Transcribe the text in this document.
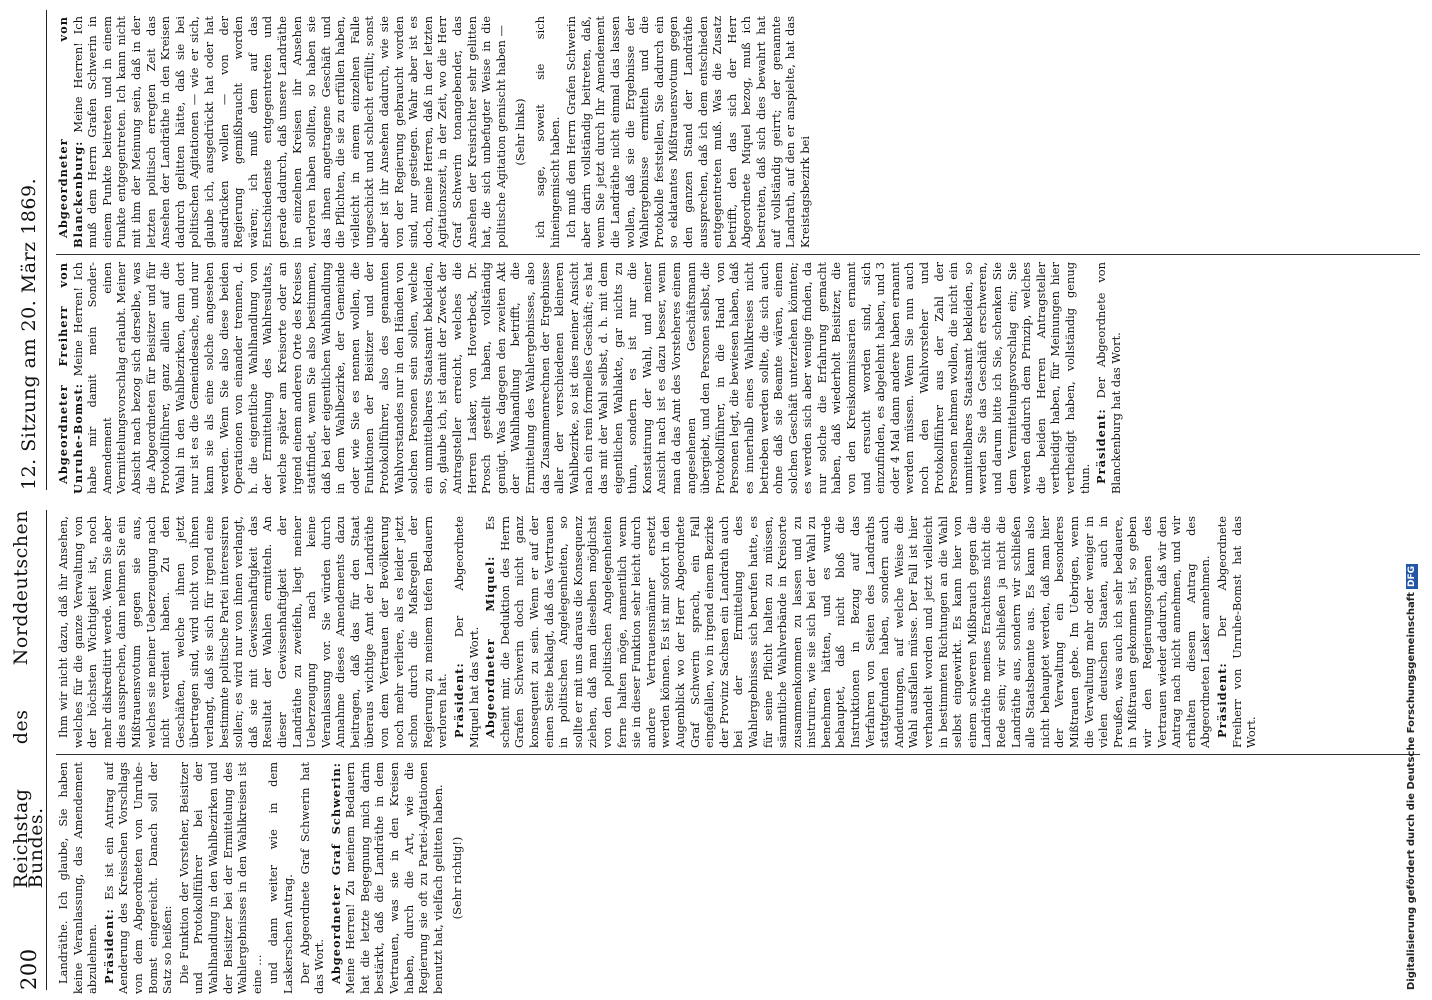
200
Reichstag des Norddeutschen Bundes. Landräthe. Ich glaube, Sie haben keine Veranlassung, das Amendement abzulehnen. Präsident: Es ist ein Antrag auf Aenderung des Kreisschen Vorschlags von dem Abgeordneten von Unruhe-Bomst eingereicht. Danach soll der Satz so heißen: Die Funktion der Vorsteher, Beisitzer und Protokollführer bei der Wahlhandlung in den Wahlbezirken und der Beisitzer bei der Ermittelung des Wahlergebnisses in den Wahlkreisen ist eine … und dann weiter wie in dem Laskerschen Antrag. Der Abgeordnete Graf Schwerin hat das Wort. Abgeordneter Graf Schwerin: Meine Herren! Zu meinem Bedauern hat die letzte Begegnung mich darin bestärkt, daß die Landräthe in dem Vertrauen, was sie in den Kreisen haben, durch die Art, wie die Regierung sie oft zu Partei-Agitationen benutzt hat, vielfach gelitten haben. (Sehr richtig!)

Ihm wir nicht dazu, daß ihr Ansehen, welches für die ganze Verwaltung von der höchsten Wichtigkeit ist, noch mehr diskreditirt werde. Wenn Sie aber dies aussprechen, dann nehmen Sie ein Mißtrauensvotum gegen sie aus, welches sie meiner Ueberzeugung nach nicht verdient haben. Zu den Geschäften, welche ihnen jetzt übertragen sind, wird nicht von ihnen verlangt, daß sie sich für irgend eine bestimmte politische Partei interessiren sollen; es wird nur von ihnen verlangt, daß sie mit Gewissenhaftigkeit das Resultat der Wahlen ermitteln. An dieser Gewissenhaftigkeit der Landräthe zu zweifeln, liegt meiner Ueberzeugung nach keine Veranlassung vor. Sie würden durch Annahme dieses Amendements dazu beitragen, daß das für den Staat überaus wichtige Amt der Landräthe von dem Vertrauen der Bevölkerung noch mehr verliere, als es leider jetzt schon durch die Maßregeln der Regierung zu meinem tiefen Bedauern verloren hat. Präsident: Der Abgeordnete Miquel hat das Wort. Abgeordneter Miquel: Es scheint mir, die Deduktion des Herrn Grafen Schwerin doch nicht ganz konsequent zu sein. Wenn er auf der einen Seite beklagt, daß das Vertrauen in politischen Angelegenheiten, so sollte er mit uns daraus die Konsequenz ziehen, daß man dieselben möglichst von den politischen Angelegenheiten ferne halten möge, namentlich wenn sie in dieser Funktion sehr leicht durch andere Vertrauensmänner ersetzt werden können. Es ist mir sofort in den Augenblick wo der Herr Abgeordnete Graf Schwerin sprach, ein Fall eingefallen, wo in irgend einem Bezirke der Provinz Sachsen ein Landrath auch bei der Ermittelung des Wahlergebnisses sich berufen hatte, es für seine Pflicht halten zu müssen, sämmtliche Wahlverbände in Kreisorte zusammenkommen zu lassen und zu instruiren, wie sie sich bei der Wahl zu benehmen hätten, und es wurde behauptet, daß nicht bloß die Instruktionen in Bezug auf das Verfahren von Seiten des Landraths stattgefunden haben, sondern auch Andeutungen, auf welche Weise die Wahl ausfallen müsse. Der Fall ist hier verhandelt worden und jetzt vielleicht in bestimmten Richtungen an die Wahl selbst eingewirkt. Es kann hier von einem schweren Mißbrauch gegen die Landräthe meines Erachtens nicht die Rede sein; wir schließen ja nicht die Landräthe aus, sondern wir schließen alle Staatsbeamte aus. Es kann also nicht behauptet werden, daß man hier der Verwaltung ein besonderes Mißtrauen gebe. Im Uebrigen, wenn die Verwaltung mehr oder weniger in vielen deutschen Staaten, auch in Preußen, was auch ich sehr bedauere, in Mißtrauen gekommen ist, so geben wir den Regierungsorganen des Vertrauen wieder dadurch, daß wir den Antrag nach nicht annehmen, und wir erhalten diesem Antrag des Abgeordneten Lasker annehmen. Präsident: Der Abgeordnete Freiherr von Unruhe-Bomst hat das Wort.

12. Sitzung am 20. März 1869. Abgeordneter Freiherr von Unruhe-Bomst: Meine Herren! Ich habe mir damit mein Sonder-Amendement einen Vermittelungsvorschlag erlaubt. Meiner Absicht nach bezog sich derselbe, was die Abgeordneten für Beisitzer und für Protokollführer, ganz allein auf die Wahl in den Wahlbezirken, denn dort nur ist es die Gemeindesache, und nur kann sie als eine solche angesehen werden. Wenn Sie also diese beiden Operationen von einander trennen, d. h. die eigentliche Wahlhandlung von der Ermittelung des Wahlresultats, welche später am Kreisorte oder an irgend einem anderen Orte des Kreises stattfindet, wenn Sie also bestimmen, daß bei der eigentlichen Wahlhandlung in dem Wahlbezirke, der Gemeinde oder wie Sie es nennen wollen, die Funktionen der Beisitzer und der Protokollführer, also des genannten Wahlvorstandes nur in den Händen von solchen Personen sein sollen, welche ein unmittelbares Staatsamt bekleiden, so, glaube ich, ist damit der Zweck der Antragsteller erreicht, welches die Herren Lasker, von Hoverbeck, Dr. Prosch gestellt haben, vollständig genügt. Was dagegen den zweiten Akt der Wahlhandlung betrifft, die Ermittelung des Wahlergebnisses, also das Zusammenrechnen der Ergebnisse aller der verschiedenen kleineren Wahlbezirke, so ist dies meiner Ansicht nach ein rein formelles Geschäft; es hat das mit der Wahl selbst, d. h. mit dem eigentlichen Wahlakte, gar nichts zu thun, sondern es ist nur die Konstatirung der Wahl, und meiner Ansicht nach ist es dazu besser, wenn man da das Amt des Vorsteheres einem angesehenen Geschäftsmann übergiebt, und den Personen selbst, die Protokollführer, in die Hand von Personen legt, die bewiesen haben, daß es innerhalb eines Wahlkreises nicht betrieben werden sollte, die sich auch ohne daß sie Beamte wären, einem solchen Geschäft unterziehen könnten; es werden sich aber wenige finden, da nur solche die Erfahrung gemacht haben, daß wiederholt Beisitzer, die von den Kreiskommissarien ernannt und ersucht worden sind, sich einzufinden, es abgelehnt haben, und 3 oder 4 Mal dann andere haben ernannt werden müssen. Wenn Sie nun auch noch den Wahlvorsteher und Protokollführer aus der Zahl der Personen nehmen wollen, die nicht ein unmittelbares Staatsamt bekleiden, so werden Sie das Geschäft erschweren, und darum bitte ich Sie, schenken Sie dem Vermittelungsvorschlag ein; Sie werden dadurch dem Prinzip, welches die beiden Herren Antragsteller vertheidigt haben, für Meinungen hier vertheidigt haben, vollständig genug thun. Präsident: Der Abgeordnete von Blanckenburg hat das Wort.

Abgeordneter von Blanckenburg: Meine Herren! Ich muß dem Herrn Grafen Schwerin in einem Punkte beitreten und in einem Punkte entgegentreten. Ich kann nicht mit ihm der Meinung sein, daß in der letzten politisch erregten Zeit das Ansehen der Landräthe in den Kreisen dadurch gelitten hätte, daß sie bei politischen Agitationen — wie er sich, glaube ich, ausgedrückt hat oder hat ausdrücken wollen — von der Regierung gemißbraucht worden wären; ich muß dem auf das Entschiedenste entgegentreten und gerade dadurch, daß unsere Landräthe in einzelnen Kreisen ihr Ansehen verloren haben sollten, so haben sie das ihnen angetragene Geschäft und die Pflichten, die sie zu erfüllen haben, vielleicht in einem einzelnen Falle ungeschickt und schlecht erfüllt; sonst aber ist ihr Ansehen dadurch, wie sie von der Regierung gebraucht worden sind, nur gestiegen. Wahr aber ist es doch, meine Herren, daß in der letzten Agitationszeit, in der Zeit, wo die Herr Graf Schwerin tonangebender, das Ansehen der Kreisrichter sehr gelitten hat, die sich unbefugter Weise in die politische Agitation gemischt haben — (Sehr links) ich sage, soweit sie sich hineingemischt haben. Ich muß dem Herrn Grafen Schwerin aber darin vollständig beitreten, daß, wenn Sie jetzt durch Ihr Amendement die Landräthe nicht einmal das lassen wollen, daß sie die Ergebnisse der Wahlergebnisse ermitteln und die Protokolle feststellen, Sie dadurch ein so eklatantes Mißtrauensvotum gegen den ganzen Stand der Landräthe aussprechen, daß ich dem entschieden entgegentreten muß. Was die Zusatz betrifft, den das sich der Herr Abgeordnete Miquel bezog, muß ich bestreiten, daß sich dies bewahrt hat auf vollständig geirrt; der genannte Landrath, auf den er anspielte, hat das Kreistagsbezirk bei

Digitalisierung gefördert durch die Deutsche Forschungsgemeinschaft DFG
